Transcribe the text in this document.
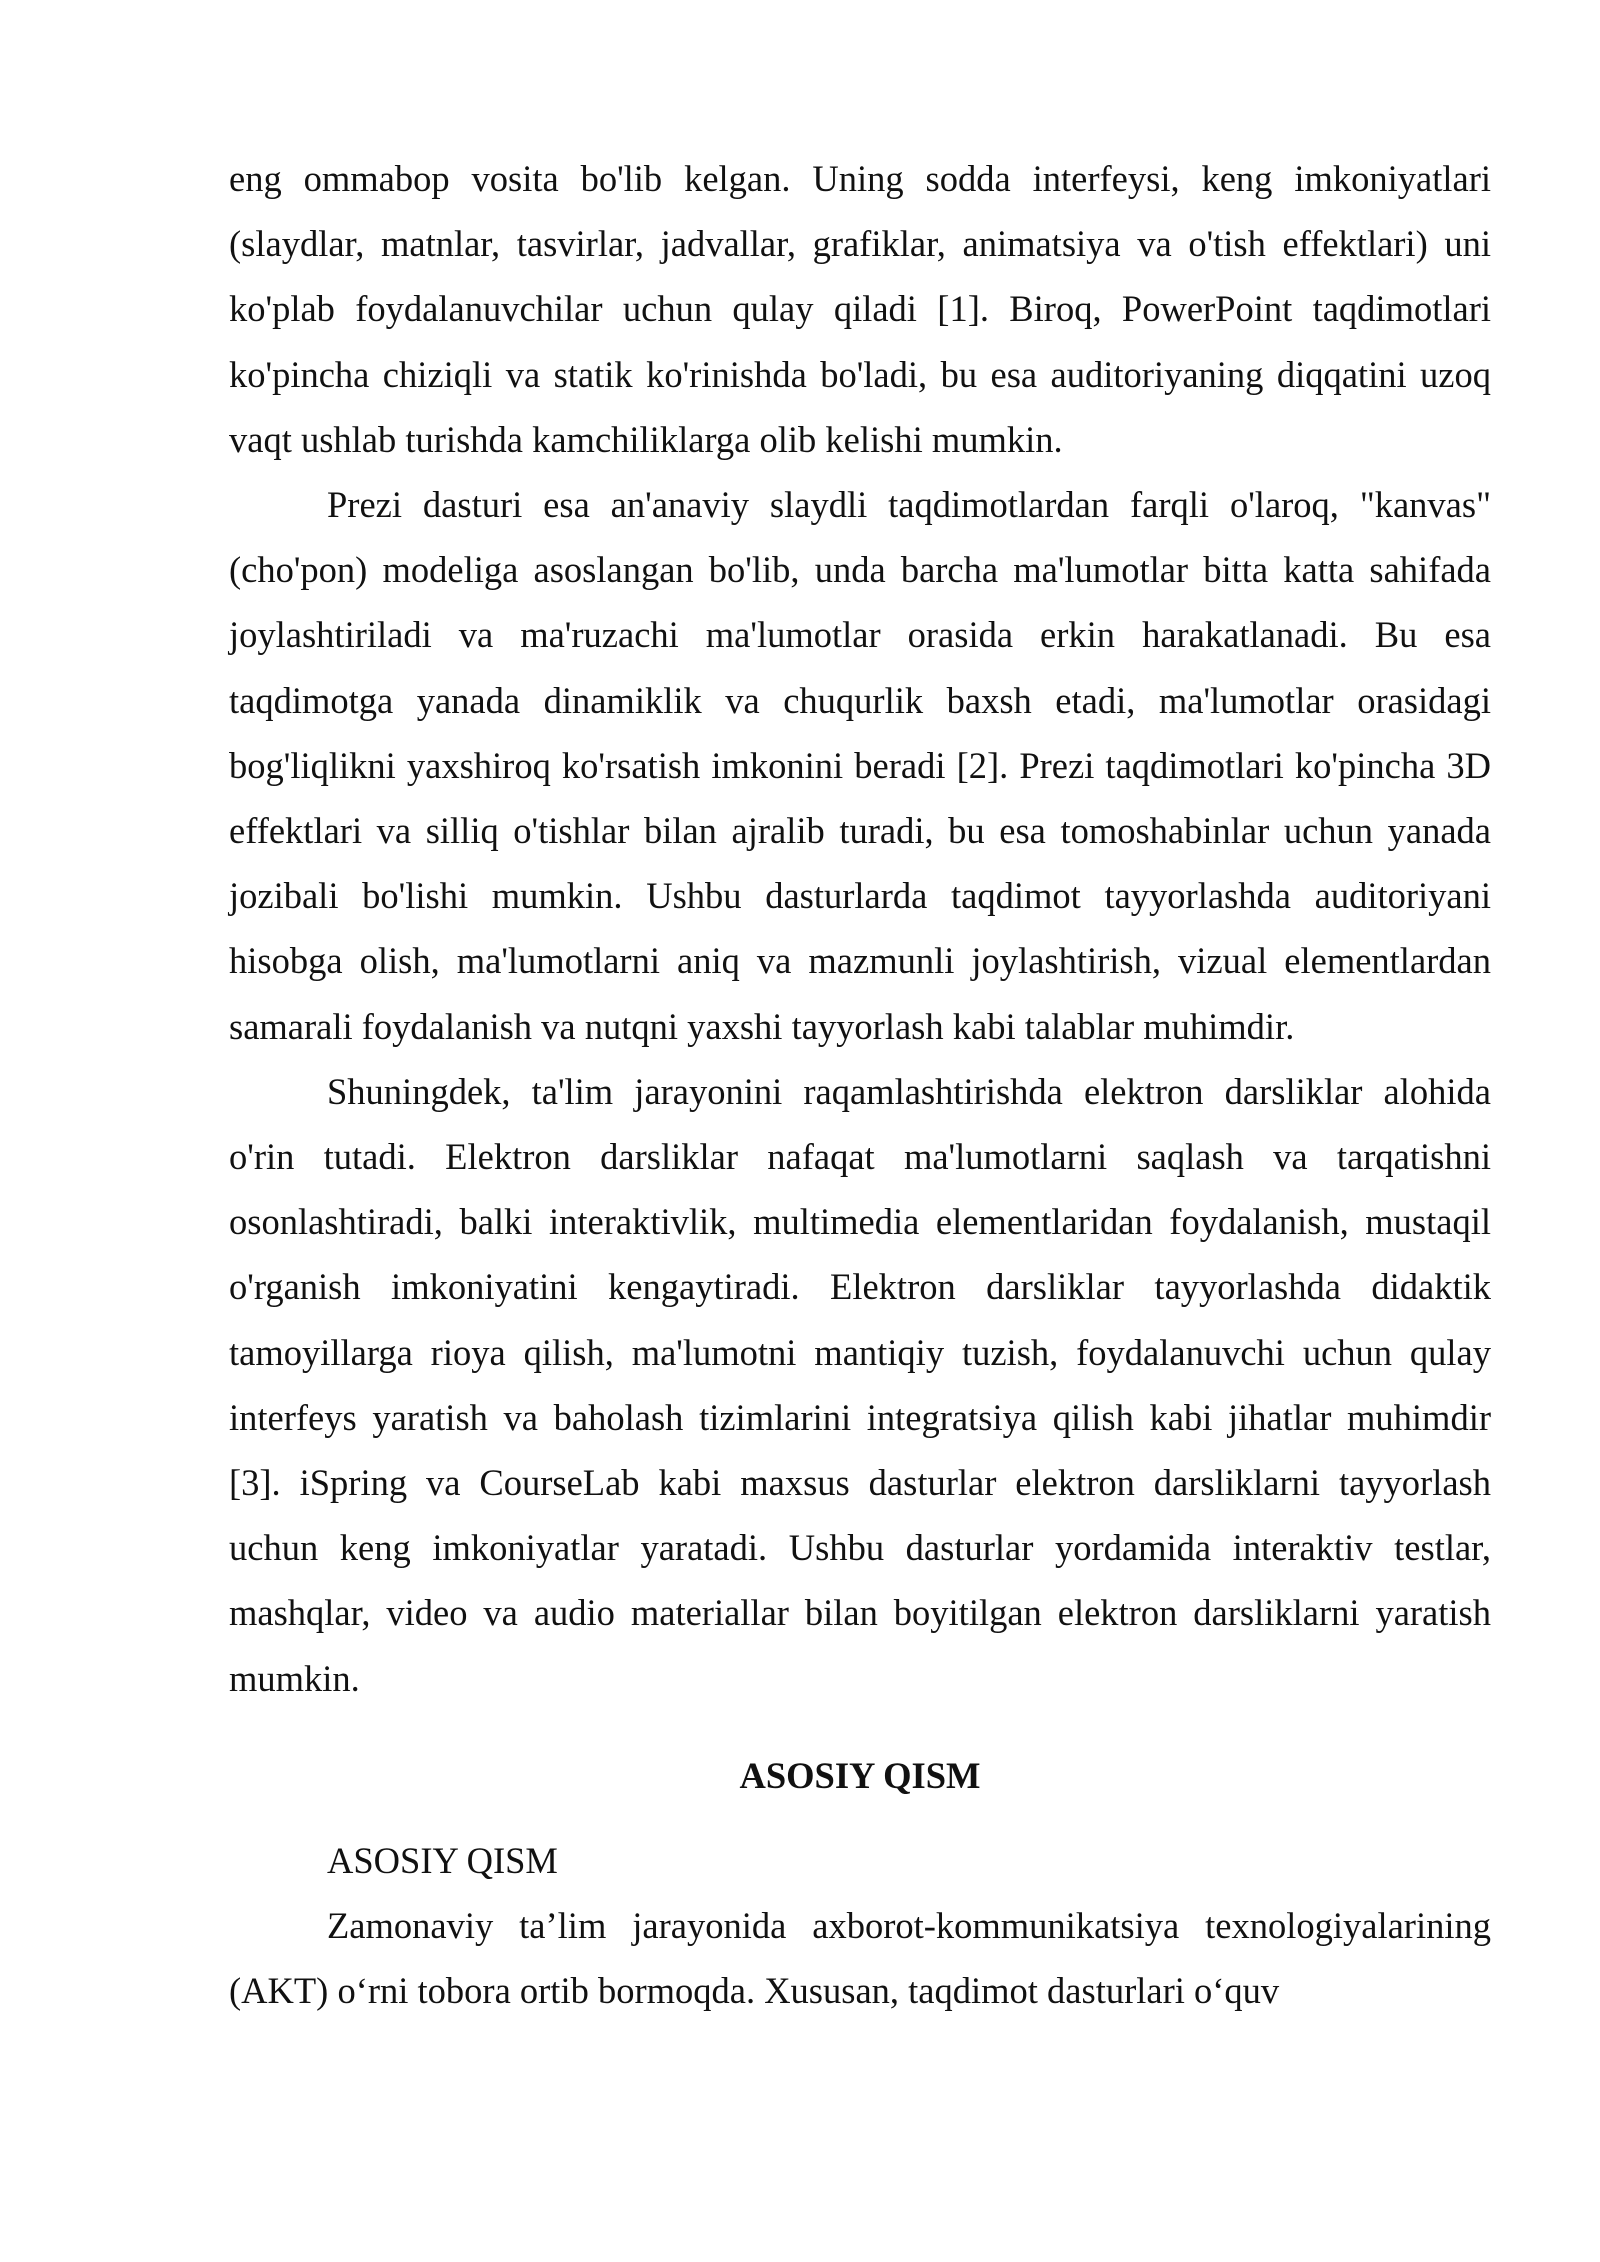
eng ommabop vosita bo'lib kelgan. Uning sodda interfeysi, keng imkoniyatlari (slaydlar, matnlar, tasvirlar, jadvallar, grafiklar, animatsiya va o'tish effektlari) uni ko'plab foydalanuvchilar uchun qulay qiladi [1]. Biroq, PowerPoint taqdimotlari ko'pincha chiziqli va statik ko'rinishda bo'ladi, bu esa auditoriyaning diqqatini uzoq vaqt ushlab turishda kamchiliklarga olib kelishi mumkin.

Prezi dasturi esa an'anaviy slaydli taqdimotlardan farqli o'laroq, "kanvas" (cho'pon) modeliga asoslangan bo'lib, unda barcha ma'lumotlar bitta katta sahifada joylashtiriladi va ma'ruzachi ma'lumotlar orasida erkin harakatlanadi. Bu esa taqdimotga yanada dinamiklik va chuqurlik baxsh etadi, ma'lumotlar orasidagi bog'liqlikni yaxshiroq ko'rsatish imkonini beradi [2]. Prezi taqdimotlari ko'pincha 3D effektlari va silliq o'tishlar bilan ajralib turadi, bu esa tomoshabinlar uchun yanada jozibali bo'lishi mumkin. Ushbu dasturlarda taqdimot tayyorlashda auditoriyani hisobga olish, ma'lumotlarni aniq va mazmunli joylashtirish, vizual elementlardan samarali foydalanish va nutqni yaxshi tayyorlash kabi talablar muhimdir.

Shuningdek, ta'lim jarayonini raqamlashtirishda elektron darsliklar alohida o'rin tutadi. Elektron darsliklar nafaqat ma'lumotlarni saqlash va tarqatishni osonlashtiradi, balki interaktivlik, multimedia elementlaridan foydalanish, mustaqil o'rganish imkoniyatini kengaytiradi. Elektron darsliklar tayyorlashda didaktik tamoyillarga rioya qilish, ma'lumotni mantiqiy tuzish, foydalanuvchi uchun qulay interfeys yaratish va baholash tizimlarini integratsiya qilish kabi jihatlar muhimdir [3]. iSpring va CourseLab kabi maxsus dasturlar elektron darsliklarni tayyorlash uchun keng imkoniyatlar yaratadi. Ushbu dasturlar yordamida interaktiv testlar, mashqlar, video va audio materiallar bilan boyitilgan elektron darsliklarni yaratish mumkin.

ASOSIY QISM

ASOSIY QISM

Zamonaviy ta’lim jarayonida axborot-kommunikatsiya texnologiyalarining (AKT) o‘rni tobora ortib bormoqda. Xususan, taqdimot dasturlari o‘quv
